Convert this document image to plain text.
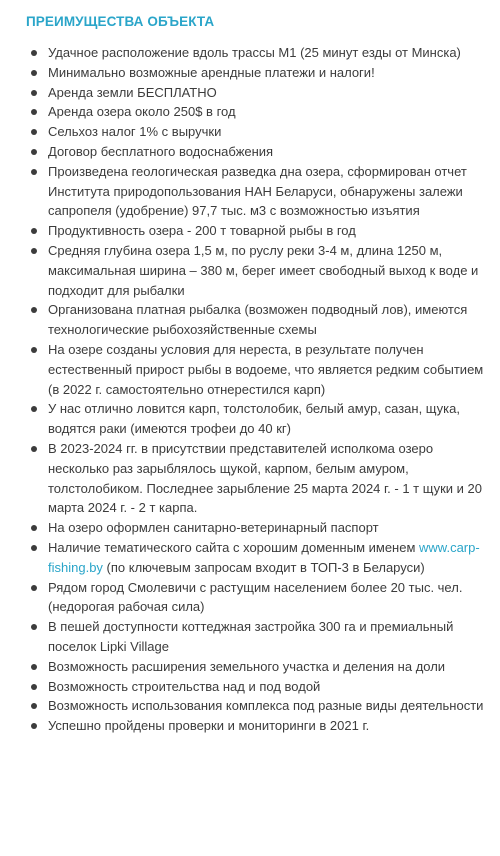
ПРЕИМУЩЕСТВА ОБЪЕКТА
Удачное расположение вдоль трассы М1 (25 минут езды от Минска)
Минимально возможные арендные платежи и налоги!
Аренда земли БЕСПЛАТНО
Аренда озера около 250$ в год
Сельхоз налог 1% с выручки
Договор бесплатного водоснабжения
Произведена геологическая разведка дна озера, сформирован отчет Института природопользования НАН Беларуси, обнаружены залежи сапропеля (удобрение) 97,7 тыс. м3 с возможностью изъятия
Продуктивность озера - 200 т товарной рыбы в год
Средняя глубина озера 1,5 м, по руслу реки 3-4 м, длина 1250 м, максимальная ширина – 380 м, берег имеет свободный выход к воде и подходит для рыбалки
Организована платная рыбалка (возможен подводный лов), имеются технологические рыбохозяйственные схемы
На озере созданы условия для нереста, в результате получен естественный прирост рыбы в водоеме, что является редким событием (в 2022 г. самостоятельно отнерестился карп)
У нас отлично ловится карп, толстолобик, белый амур, сазан, щука, водятся раки (имеются трофеи до 40 кг)
В 2023-2024 гг. в присутствии представителей исполкома озеро несколько раз зарыблялось щукой, карпом, белым амуром, толстолобиком. Последнее зарыбление 25 марта 2024 г. - 1 т щуки и 20 марта 2024 г. - 2 т карпа.
На озеро оформлен санитарно-ветеринарный паспорт
Наличие тематического сайта с хорошим доменным именем www.carp-fishing.by (по ключевым запросам входит в ТОП-3 в Беларуси)
Рядом город Смолевичи с растущим населением более 20 тыс. чел. (недорогая рабочая сила)
В пешей доступности коттеджная застройка 300 га и премиальный поселок Lipki Village
Возможность расширения земельного участка и деления на доли
Возможность строительства над и под водой
Возможность использования комплекса под разные виды деятельности
Успешно пройдены проверки и мониторинги в 2021 г.
